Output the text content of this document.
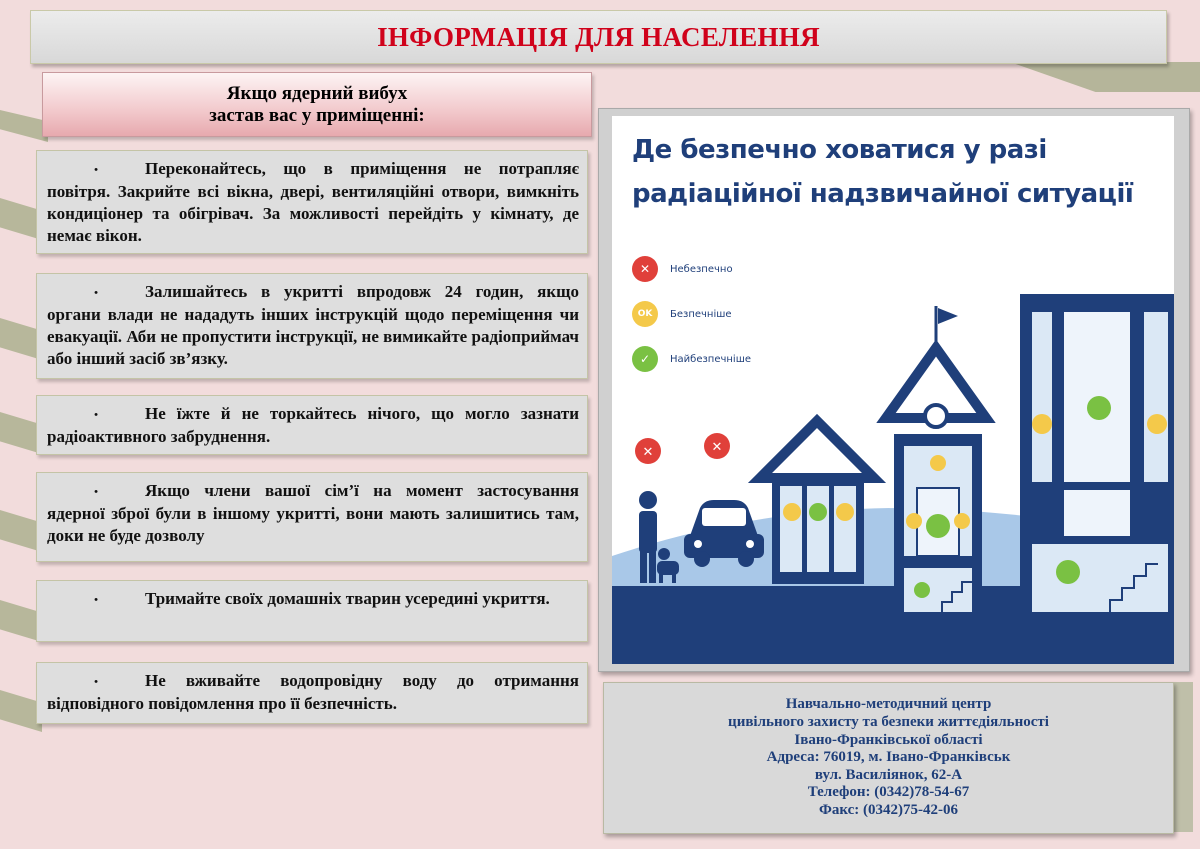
ІНФОРМАЦІЯ ДЛЯ НАСЕЛЕННЯ
Якщо ядерний вибух
застав вас у приміщенні:
•	Переконайтесь, що в приміщення не потрапляє повітря. Закрийте всі вікна, двері, вентиляційні отвори, вимкніть кондиціонер та обігрівач. За можливості перейдіть у кімнату, де немає вікон.
•	Залишайтесь в укритті впродовж 24 годин, якщо органи влади не нададуть інших інструкцій щодо переміщення чи евакуації. Аби не пропустити інструкції, не вимикайте радіоприймач або інший засіб зв’язку.
•	Не їжте й не торкайтесь нічого, що могло зазнати радіоактивного забруднення.
•	Якщо члени вашої сім’ї на момент застосування ядерної зброї були в іншому укритті, вони мають залишитись там, доки не буде дозволу
•	Тримайте своїх домашніх тварин усередині укриття.
•	Не вживайте водопровідну воду до отримання відповідного повідомлення про її безпечність.
Де безпечно ховатися у разі радіаційної надзвичайної ситуації
✕	Небезпечно
OK	Безпечніше
✓	Найбезпечніше
✕	✕
Навчально-методичний центр
цивільного захисту та безпеки життєдіяльності
Івано-Франківської області
Адреса: 76019, м. Івано-Франківськ
вул. Василіянок, 62-А
Телефон: (0342)78-54-67
Факс: (0342)75-42-06
